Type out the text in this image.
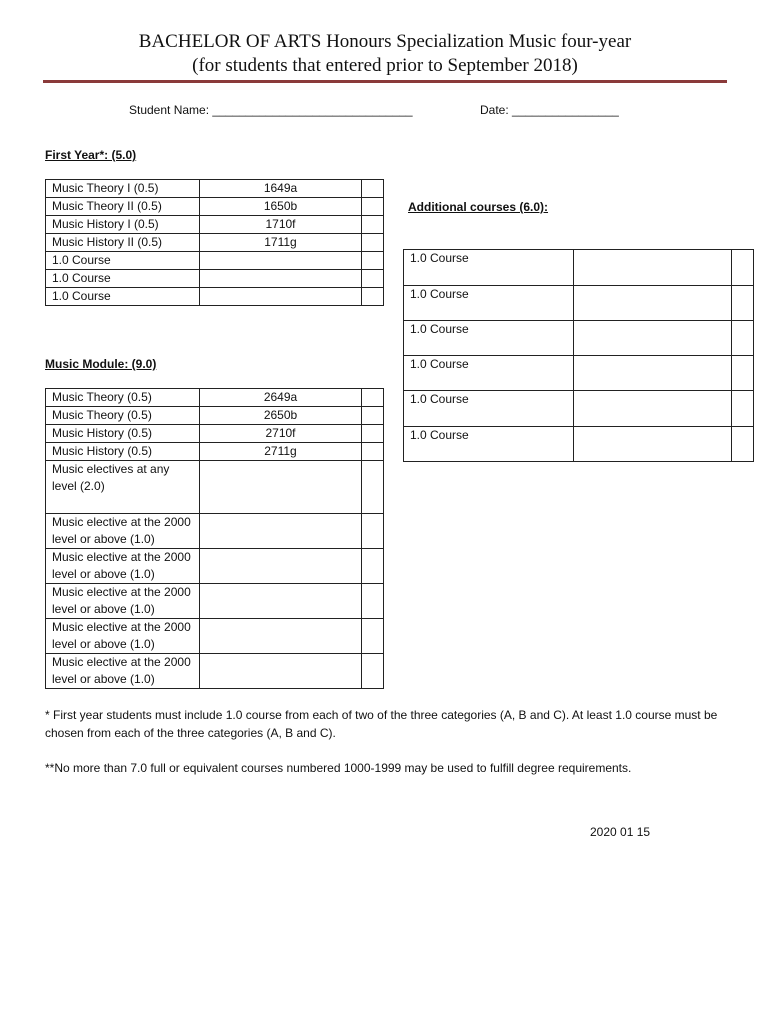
BACHELOR OF ARTS Honours Specialization Music four-year
(for students that entered prior to September 2018)
Student Name: ______________________________	Date: ________________
First Year*: (5.0)
Music Theory I (0.5)	1649a	
Music Theory II (0.5)	1650b	
Music History I (0.5)	1710f	
Music History II (0.5)	1711g	
1.0 Course		
1.0 Course		
1.0 Course		
Music Module: (9.0)
Music Theory (0.5)	2649a	
Music Theory (0.5)	2650b	
Music History (0.5)	2710f	
Music History (0.5)	2711g	
Music electives at any level (2.0)		
Music elective at the 2000 level or above (1.0)		
Music elective at the 2000 level or above (1.0)		
Music elective at the 2000 level or above (1.0)		
Music elective at the 2000 level or above (1.0)		
Music elective at the 2000 level or above (1.0)		
Additional courses (6.0):
1.0 Course		
1.0 Course		
1.0 Course		
1.0 Course		
1.0 Course		
1.0 Course		
* First year students must include 1.0 course from each of two of the three categories (A, B and C). At least 1.0 course must be chosen from each of the three categories (A, B and C).
**No more than 7.0 full or equivalent courses numbered 1000-1999 may be used to fulfill degree requirements.
2020 01 15
